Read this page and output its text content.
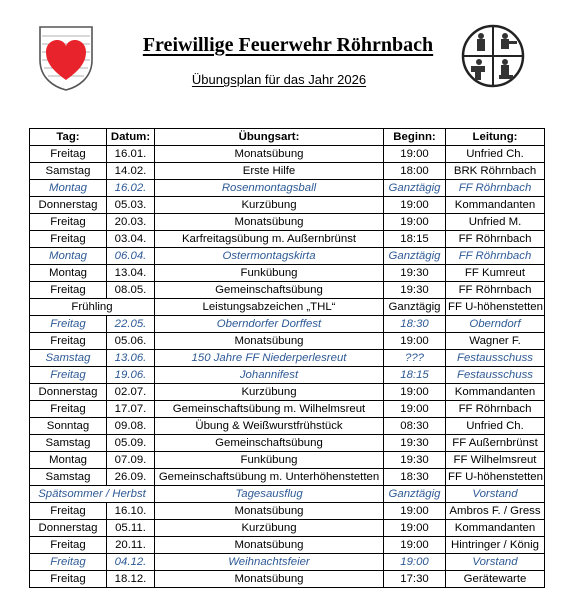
Freiwillige Feuerwehr Röhrnbach
Übungsplan für das Jahr 2026
Tag:	Datum:	Übungsart:	Beginn:	Leitung:
Freitag	16.01.	Monatsübung	19:00	Unfried Ch.
Samstag	14.02.	Erste Hilfe	18:00	BRK Röhrnbach
Montag	16.02.	Rosenmontagsball	Ganztägig	FF Röhrnbach
Donnerstag	05.03.	Kurzübung	19:00	Kommandanten
Freitag	20.03.	Monatsübung	19:00	Unfried M.
Freitag	03.04.	Karfreitagsübung m. Außernbrünst	18:15	FF Röhrnbach
Montag	06.04.	Ostermontagskirta	Ganztägig	FF Röhrnbach
Montag	13.04.	Funkübung	19:30	FF Kumreut
Freitag	08.05.	Gemeinschaftsübung	19:30	FF Röhrnbach
Frühling		Leistungsabzeichen „THL“	Ganztägig	FF U-höhenstetten
Freitag	22.05.	Oberndorfer Dorffest	18:30	Oberndorf
Freitag	05.06.	Monatsübung	19:00	Wagner F.
Samstag	13.06.	150 Jahre FF Niederperlesreut	???	Festausschuss
Freitag	19.06.	Johannifest	18:15	Festausschuss
Donnerstag	02.07.	Kurzübung	19:00	Kommandanten
Freitag	17.07.	Gemeinschaftsübung m. Wilhelmsreut	19:00	FF Röhrnbach
Sonntag	09.08.	Übung & Weißwurstfrühstück	08:30	Unfried Ch.
Samstag	05.09.	Gemeinschaftsübung	19:30	FF Außernbrünst
Montag	07.09.	Funkübung	19:30	FF Wilhelmsreut
Samstag	26.09.	Gemeinschaftsübung m. Unterhöhenstetten	18:30	FF U-höhenstetten
Spätsommer / Herbst		Tagesausflug	Ganztägig	Vorstand
Freitag	16.10.	Monatsübung	19:00	Ambros F. / Gress
Donnerstag	05.11.	Kurzübung	19:00	Kommandanten
Freitag	20.11.	Monatsübung	19:00	Hintringer / König
Freitag	04.12.	Weihnachtsfeier	19:00	Vorstand
Freitag	18.12.	Monatsübung	17:30	Gerätewarte
